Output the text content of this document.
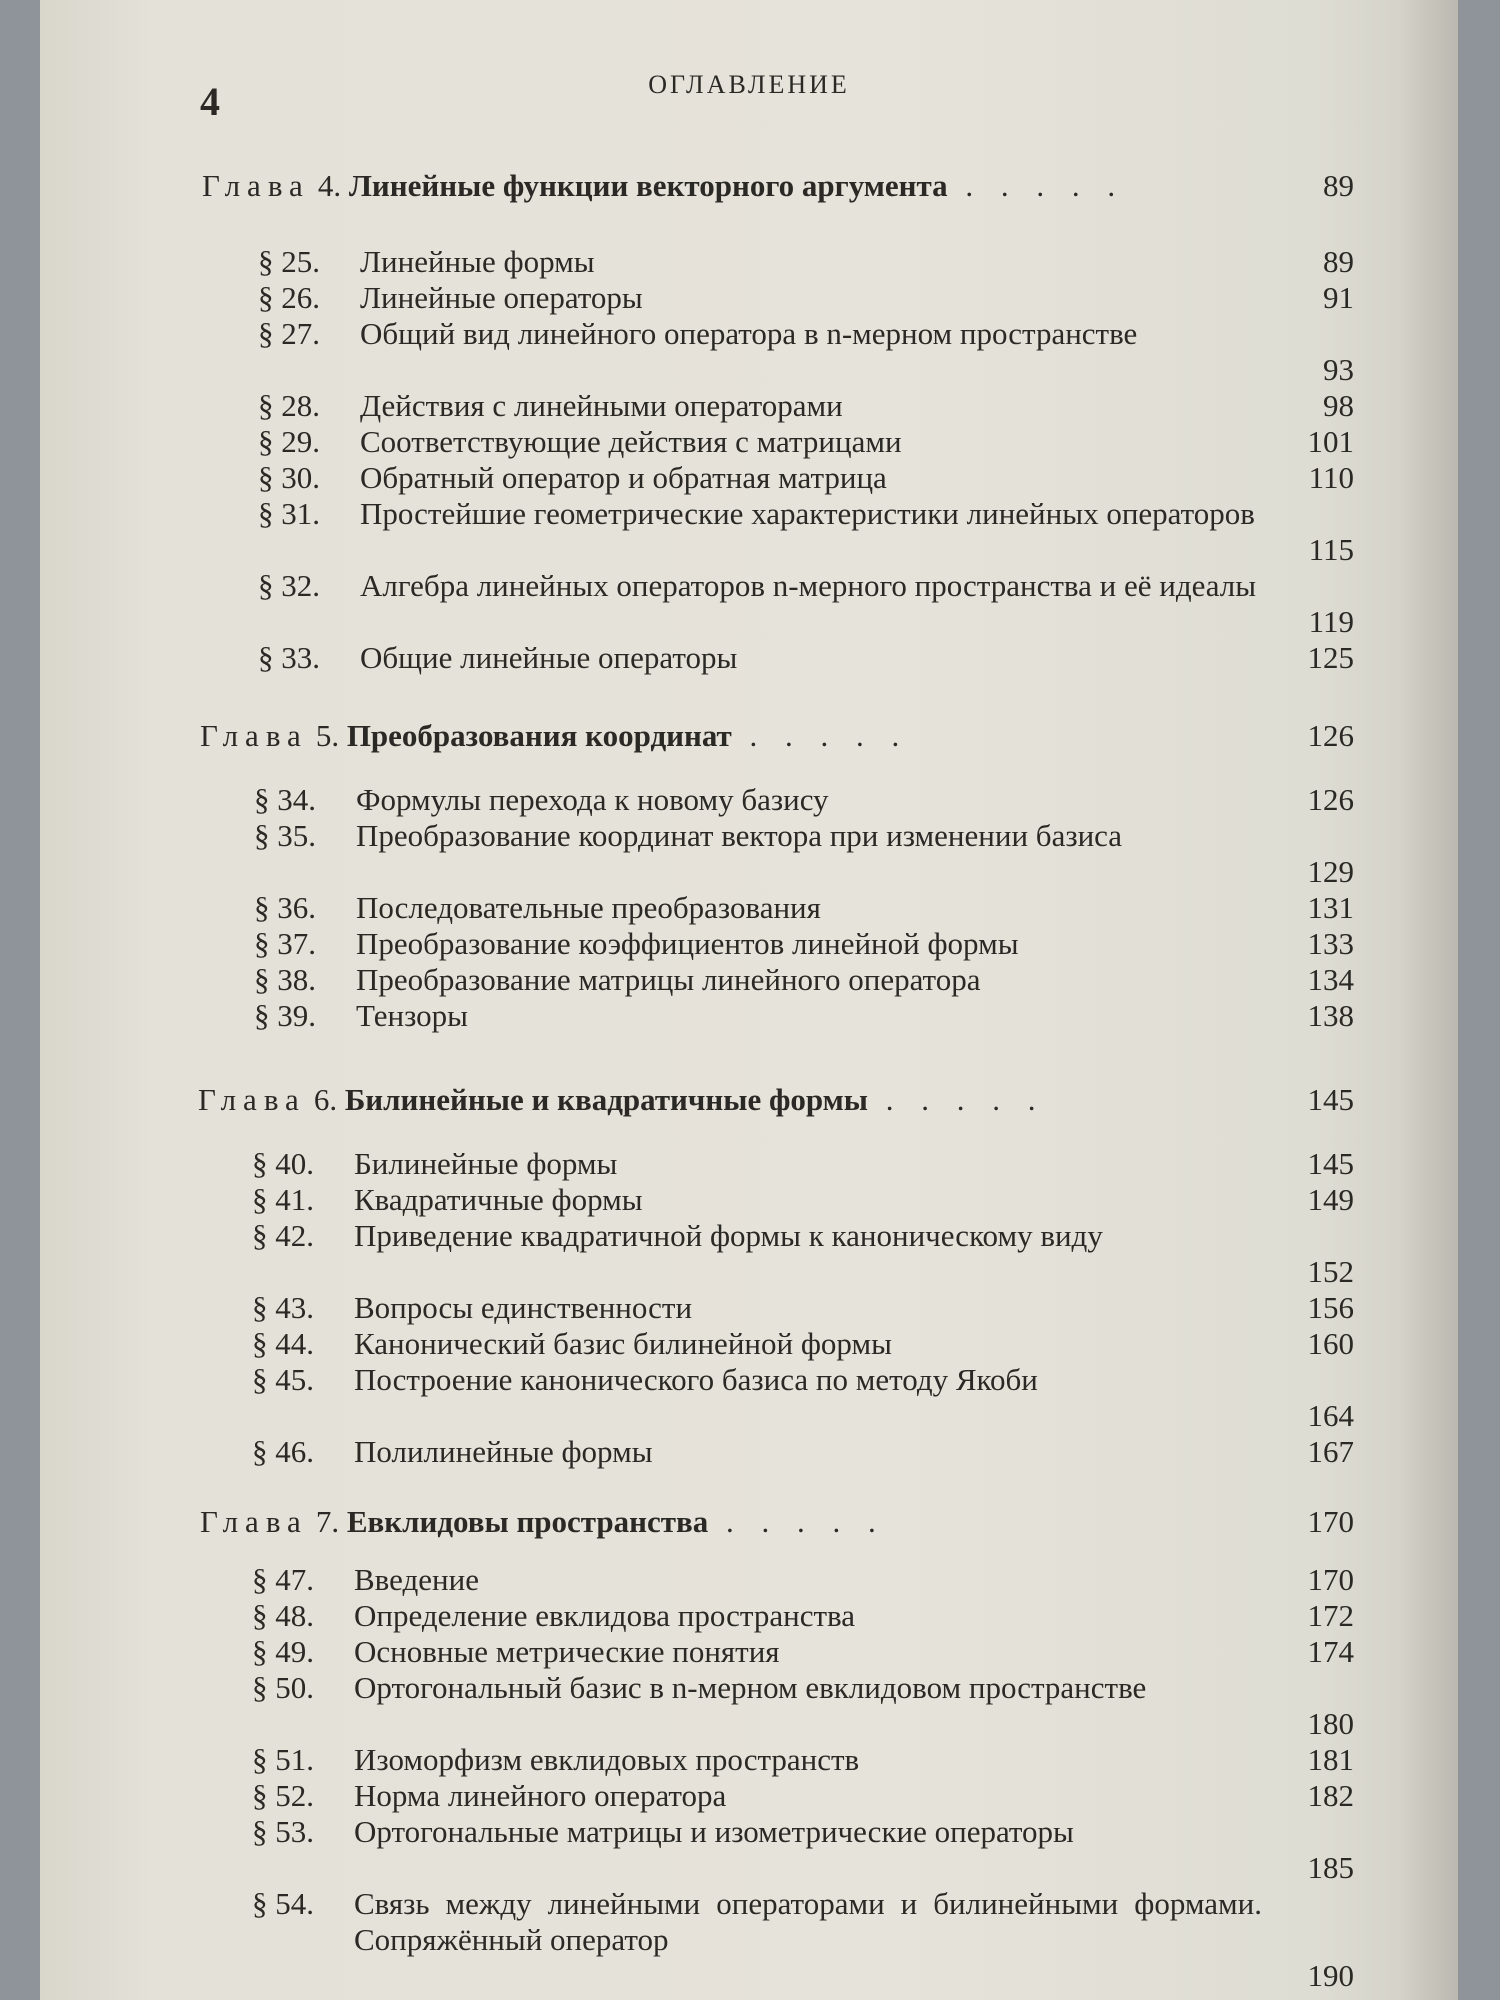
4	ОГЛАВЛЕНИЕ
Глава 4. Линейные функции векторного аргумента . . . . .	89
§ 25.	Линейные формы	89
§ 26.	Линейные операторы	91
§ 27.	Общий вид линейного оператора в n-мерном пространстве
93
§ 28.	Действия с линейными операторами	98
§ 29.	Соответствующие действия с матрицами	101
§ 30.	Обратный оператор и обратная матрица	110
§ 31.	Простейшие геометрические характеристики линейных операторов
115
§ 32.	Алгебра линейных операторов n-мерного пространства и её идеалы
119
§ 33.	Общие линейные операторы	125
Глава 5. Преобразования координат . . . . .	126
§ 34.	Формулы перехода к новому базису	126
§ 35.	Преобразование координат вектора при изменении базиса
129
§ 36.	Последовательные преобразования	131
§ 37.	Преобразование коэффициентов линейной формы	133
§ 38.	Преобразование матрицы линейного оператора	134
§ 39.	Тензоры	138
Глава 6. Билинейные и квадратичные формы . . . . .	145
§ 40.	Билинейные формы	145
§ 41.	Квадратичные формы	149
§ 42.	Приведение квадратичной формы к каноническому виду
152
§ 43.	Вопросы единственности	156
§ 44.	Канонический базис билинейной формы	160
§ 45.	Построение канонического базиса по методу Якоби
164
§ 46.	Полилинейные формы	167
Глава 7. Евклидовы пространства . . . . .	170
§ 47.	Введение	170
§ 48.	Определение евклидова пространства	172
§ 49.	Основные метрические понятия	174
§ 50.	Ортогональный базис в n-мерном евклидовом пространстве
180
§ 51.	Изоморфизм евклидовых пространств	181
§ 52.	Норма линейного оператора	182
§ 53.	Ортогональные матрицы и изометрические операторы
185
§ 54.	Связь между линейными операторами и билинейными формами. Сопряжённый оператор
190
